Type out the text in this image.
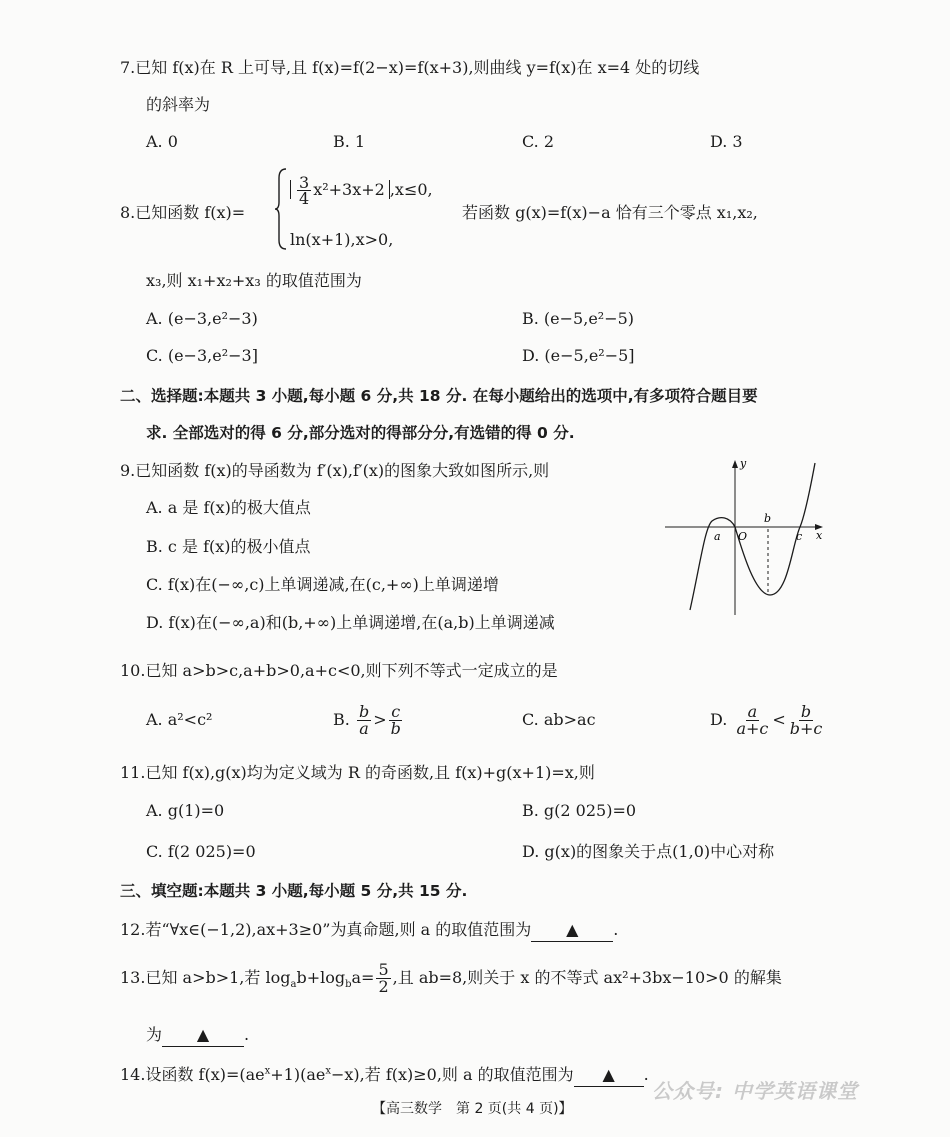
7.已知 f(x)在 R 上可导,且 f(x)=f(2−x)=f(x+3),则曲线 y=f(x)在 x=4 处的切线
的斜率为
A. 0	B. 1	C. 2	D. 3
8.已知函数 f(x)=
$\frac{3}{4} x^2+3x+2$ ,x≤0,
ln(x+1),x>0,
若函数 g(x)=f(x)−a 恰有三个零点 x₁,x₂,
x₃,则 x₁+x₂+x₃ 的取值范围为
A. (e−3,e²−3)	B. (e−5,e²−5)
C. (e−3,e²−3]	D. (e−5,e²−5]
二、选择题:本题共 3 小题,每小题 6 分,共 18 分. 在每小题给出的选项中,有多项符合题目要
求. 全部选对的得 6 分,部分选对的得部分分,有选错的得 0 分.
9.已知函数 f(x)的导函数为 f′(x),f′(x)的图象大致如图所示,则
A. a 是 f(x)的极大值点
B. c 是 f(x)的极小值点
C. f(x)在(−∞,c)上单调递减,在(c,+∞)上单调递增
D. f(x)在(−∞,a)和(b,+∞)上单调递增,在(a,b)上单调递减
y
x
a O
b
c
10.已知 a>b>c,a+b>0,a+c<0,则下列不等式一定成立的是
A. a²<c²	B. $\frac{b}{a} > \frac{c}{b}$	C. ab>ac	D. $\frac{a}{a+c} < \frac{b}{b+c}$
11.已知 f(x),g(x)均为定义域为 R 的奇函数,且 f(x)+g(x+1)=x,则
A. g(1)=0	B. g(2 025)=0
C. f(2 025)=0	D. g(x)的图象关于点(1,0)中心对称
三、填空题:本题共 3 小题,每小题 5 分,共 15 分.
12.若“∀x∈(−1,2),ax+3≥0”为真命题,则 a 的取值范围为 ▲ .
13.已知 a>b>1,若 $\log_ab+\log_ba= \frac{5}{2}$ ,且 ab=8,则关于 x 的不等式 ax²+3bx−10>0 的解集
为 ▲ .
14.设函数 $f(x)=(ae^x+1)(ae^x-x)$,若 f(x)≥0,则 a 的取值范围为 ▲ .
【高三数学　第 2 页(共 4 页)】
公众号: 中学英语课堂
